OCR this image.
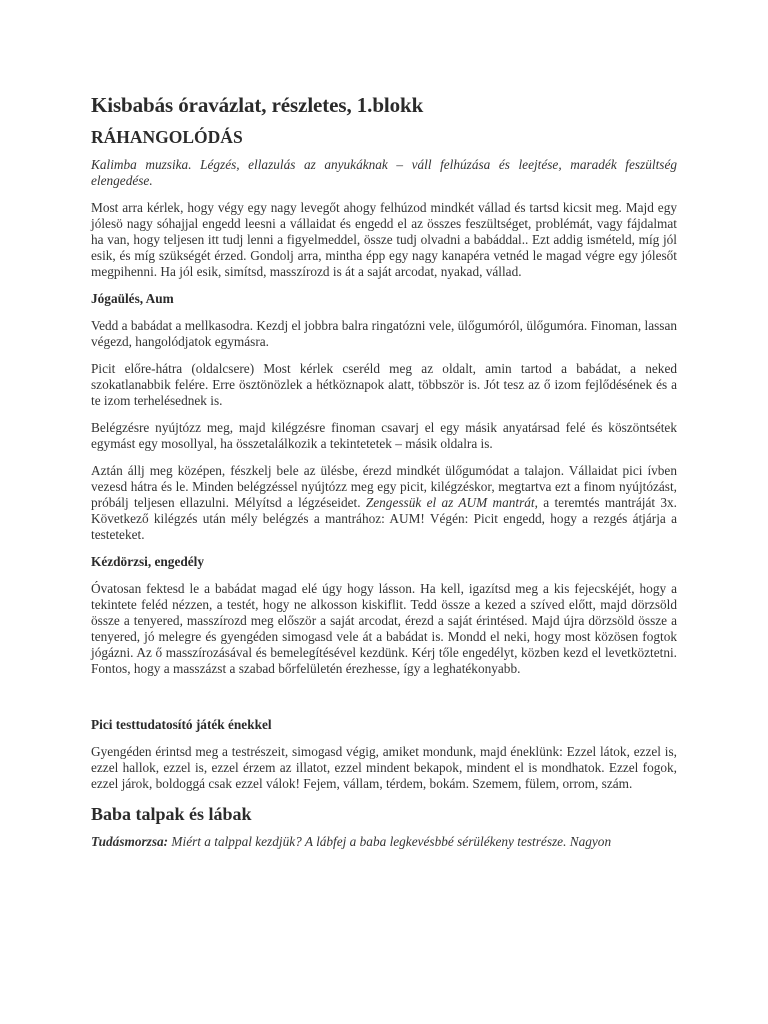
Kisbabás óravázlat, részletes, 1.blokk
RÁHANGOLÓDÁS

Kalimba muzsika. Légzés, ellazulás az anyukáknak – váll felhúzása és leejtése, maradék feszültség elengedése.

Most arra kérlek, hogy végy egy nagy levegőt ahogy felhúzod mindkét vállad és tartsd kicsit meg. Majd egy jólesö nagy sóhajjal engedd leesni a vállaidat és engedd el az összes feszültséget, problémát, vagy fájdalmat ha van, hogy teljesen itt tudj lenni a figyelmeddel, össze tudj olvadni a babáddal.. Ezt addig ismételd, míg jól esik, és míg szükségét érzed. Gondolj arra, mintha épp egy nagy kanapéra vetnéd le magad végre egy jólesőt megpihenni. Ha jól esik, simítsd, masszírozd is át a saját arcodat, nyakad, vállad.

Jógaülés, Aum

Vedd a babádat a mellkasodra. Kezdj el jobbra balra ringatózni vele, ülőgumóról, ülőgumóra. Finoman, lassan végezd, hangolódjatok egymásra.

Picit előre-hátra (oldalcsere) Most kérlek cseréld meg az oldalt, amin tartod a babádat, a neked szokatlanabbik felére. Erre ösztönözlek a hétköznapok alatt, többször is. Jót tesz az ő izom fejlődésének és a te izom terhelésednek is.

Belégzésre nyújtózz meg, majd kilégzésre finoman csavarj el egy másik anyatársad felé és köszöntsétek egymást egy mosollyal, ha összetalálkozik a tekintetetek – másik oldalra is.

Aztán állj meg középen, fészkelj bele az ülésbe, érezd mindkét ülőgumódat a talajon. Vállaidat pici ívben vezesd hátra és le. Minden belégzéssel nyújtózz meg egy picit, kilégzéskor, megtartva ezt a finom nyújtózást, próbálj teljesen ellazulni. Mélyítsd a légzéseidet. Zengessük el az AUM mantrát, a teremtés mantráját 3x. Következő kilégzés után mély belégzés a mantrához: AUM! Végén: Picit engedd, hogy a rezgés átjárja a testeteket.

Kézdörzsi, engedély

Óvatosan fektesd le a babádat magad elé úgy hogy lásson. Ha kell, igazítsd meg a kis fejecskéjét, hogy a tekintete feléd nézzen, a testét, hogy ne alkosson kiskiflit. Tedd össze a kezed a szíved előtt, majd dörzsöld össze a tenyered, masszírozd meg először a saját arcodat, érezd a saját érintésed. Majd újra dörzsöld össze a tenyered, jó melegre és gyengéden simogasd vele át a babádat is. Mondd el neki, hogy most közösen fogtok jógázni. Az ő masszírozásával és bemelegítésével kezdünk. Kérj tőle engedélyt, közben kezd el levetköztetni. Fontos, hogy a masszázst a szabad bőrfelületén érezhesse, így a leghatékonyabb.

Pici testtudatosító játék énekkel

Gyengéden érintsd meg a testrészeit, simogasd végig, amiket mondunk, majd éneklünk: Ezzel látok, ezzel is, ezzel hallok, ezzel is, ezzel érzem az illatot, ezzel mindent bekapok, mindent el is mondhatok. Ezzel fogok, ezzel járok, boldoggá csak ezzel válok! Fejem, vállam, térdem, bokám. Szemem, fülem, orrom, szám.

Baba talpak és lábak

Tudásmorzsa: Miért a talppal kezdjük? A lábfej a baba legkevésbbé sérülékeny testrésze. Nagyon
